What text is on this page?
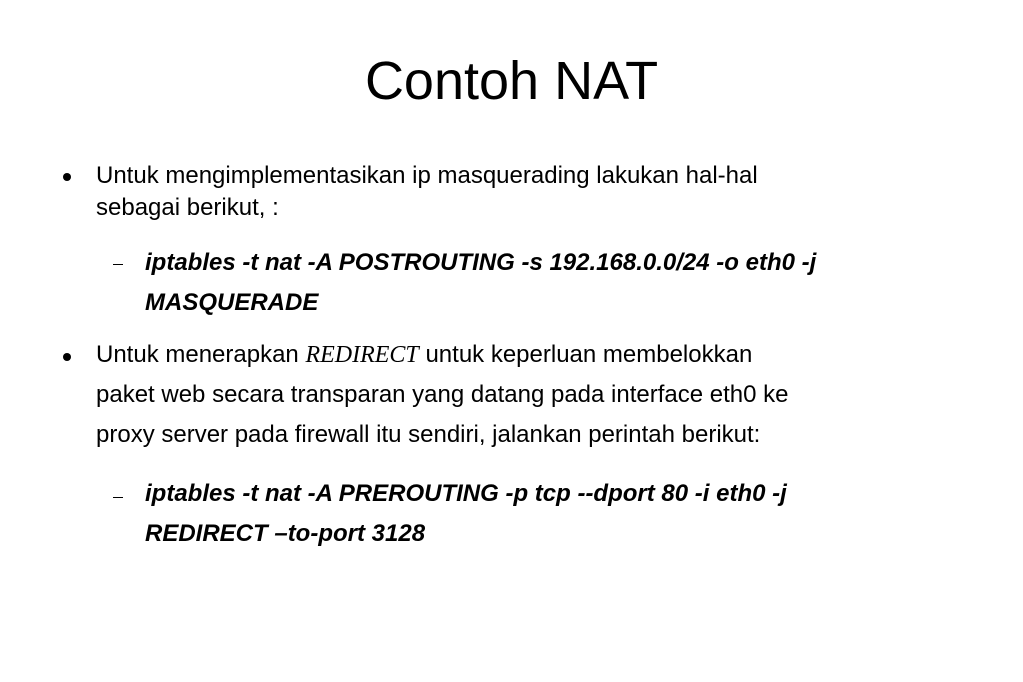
Contoh NAT
Untuk mengimplementasikan ip masquerading lakukan hal-hal
sebagai berikut, :
iptables -t nat -A POSTROUTING -s 192.168.0.0/24 -o eth0 -j
MASQUERADE
Untuk menerapkan REDIRECT untuk keperluan membelokkan
paket web secara transparan yang datang pada interface eth0 ke
proxy server pada firewall itu sendiri, jalankan perintah berikut:
iptables -t nat -A PREROUTING -p tcp --dport 80 -i eth0 -j
REDIRECT –to-port 3128
